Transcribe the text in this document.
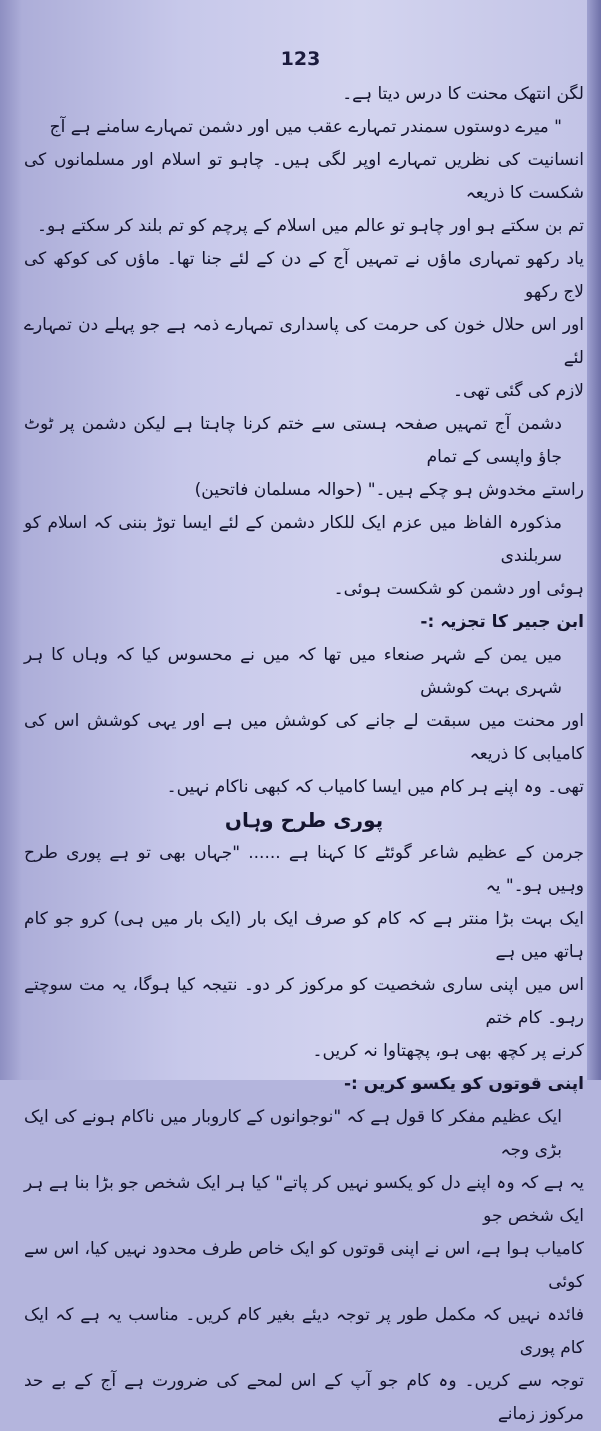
123

لگن انتھک محنت کا درس دیتا ہے۔

" میرے دوستوں سمندر تمہارے عقب میں اور دشمن تمہارے سامنے ہے آج

انسانیت کی نظریں تمہارے اوپر لگی ہیں۔ چاہو تو اسلام اور مسلمانوں کی شکست کا ذریعہ

تم بن سکتے ہو اور چاہو تو عالم میں اسلام کے پرچم کو تم بلند کر سکتے ہو۔

یاد رکھو تمہاری ماؤں نے تمہیں آج کے دن کے لئے جنا تھا۔ ماؤں کی کوکھ کی لاج رکھو

اور اس حلال خون کی حرمت کی پاسداری تمہارے ذمہ ہے جو پہلے دن تمہارے لئے

لازم کی گئی تھی۔

دشمن آج تمہیں صفحہ ہستی سے ختم کرنا چاہتا ہے لیکن دشمن پر ٹوٹ جاؤ واپسی کے تمام

راستے مخدوش ہو چکے ہیں۔" (حوالہ مسلمان فاتحین)

مذکورہ الفاظ میں عزم ایک للکار دشمن کے لئے ایسا توڑ بننی کہ اسلام کو سربلندی

ہوئی اور دشمن کو شکست ہوئی۔

ابن جبیر کا تجزیہ :-

میں یمن کے شہر صنعاء میں تھا کہ میں نے محسوس کیا کہ وہاں کا ہر شہری بہت کوشش

اور محنت میں سبقت لے جانے کی کوشش میں ہے اور یہی کوشش اس کی کامیابی کا ذریعہ

تھی۔ وہ اپنے ہر کام میں ایسا کامیاب کہ کبھی ناکام نہیں۔

پوری طرح وہاں

جرمن کے عظیم شاعر گوئٹے کا کہنا ہے ...... "جہاں بھی تو ہے پوری طرح وہیں ہو۔" یہ

ایک بہت بڑا منتر ہے کہ کام کو صرف ایک بار (ایک بار میں ہی) کرو جو کام ہاتھ میں ہے

اس میں اپنی ساری شخصیت کو مرکوز کر دو۔ نتیجہ کیا ہوگا، یہ مت سوچتے رہو۔ کام ختم

کرنے پر کچھ بھی ہو، پچھتاوا نہ کریں۔

اپنی قوتوں کو یکسو کریں :-

ایک عظیم مفکر کا قول ہے کہ "نوجوانوں کے کاروبار میں ناکام ہونے کی ایک بڑی وجہ

یہ ہے کہ وہ اپنے دل کو یکسو نہیں کر پاتے" کیا ہر ایک شخص جو بڑا بنا ہے ہر ایک شخص جو

کامیاب ہوا ہے، اس نے اپنی قوتوں کو ایک خاص طرف محدود نہیں کیا، اس سے کوئی

فائدہ نہیں کہ مکمل طور پر توجہ دیئے بغیر کام کریں۔ مناسب یہ ہے کہ ایک کام پوری

توجہ سے کریں۔ وہ کام جو آپ کے اس لمحے کی ضرورت ہے آج کے بے حد مرکوز زمانے
